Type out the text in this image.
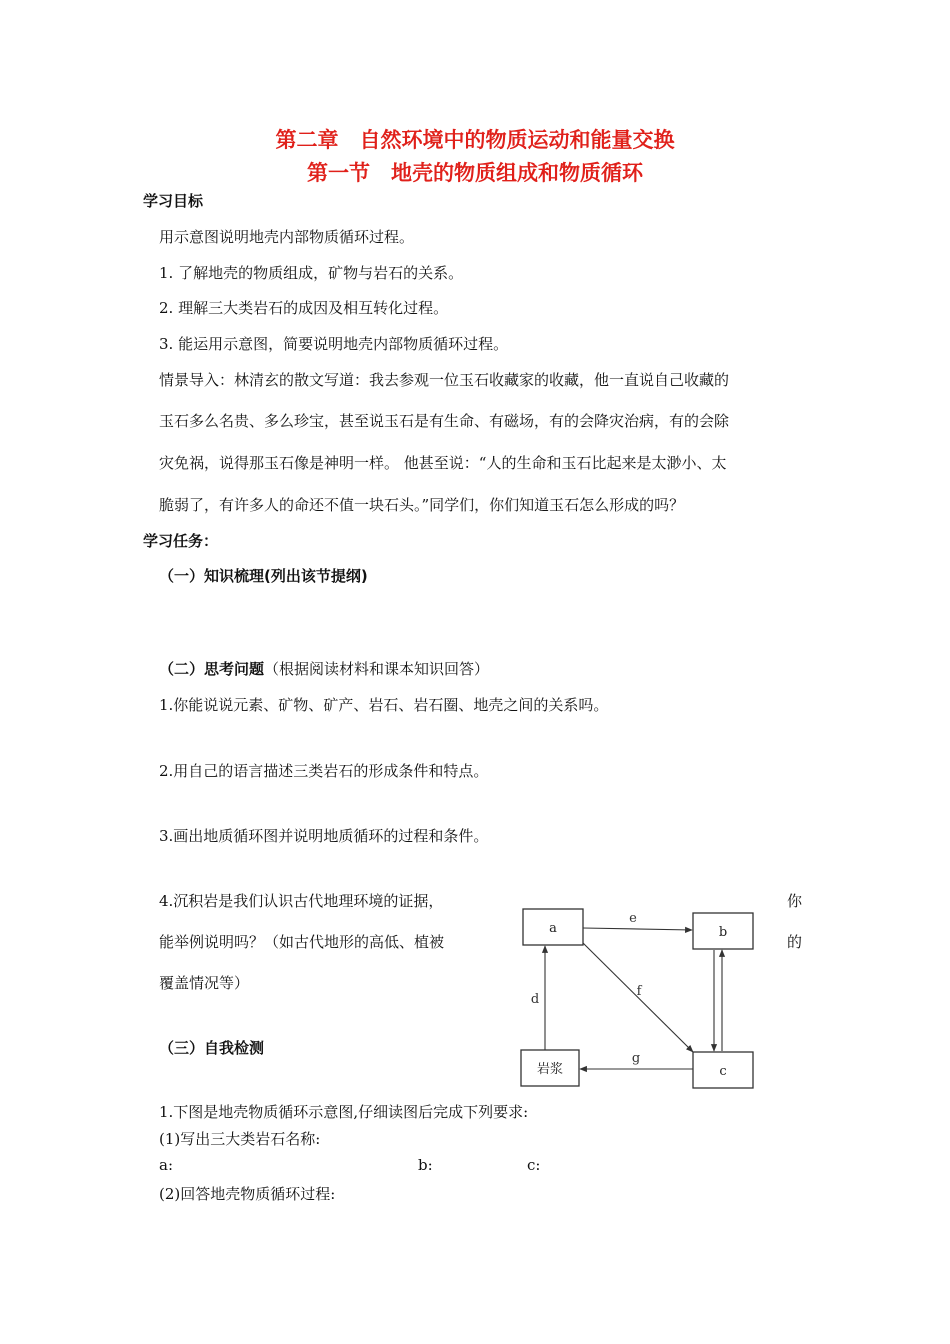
第二章　自然环境中的物质运动和能量交换
第一节　地壳的物质组成和物质循环
学习目标
用示意图说明地壳内部物质循环过程。
1. 了解地壳的物质组成，矿物与岩石的关系。
2. 理解三大类岩石的成因及相互转化过程。
3. 能运用示意图，简要说明地壳内部物质循环过程。
情景导入：林清玄的散文写道：我去参观一位玉石收藏家的收藏，他一直说自己收藏的
玉石多么名贵、多么珍宝，甚至说玉石是有生命、有磁场，有的会降灾治病，有的会除
灾免祸，说得那玉石像是神明一样。 他甚至说：“人的生命和玉石比起来是太渺小、太
脆弱了，有许多人的命还不值一块石头。”同学们，你们知道玉石怎么形成的吗？
学习任务：
（一）知识梳理(列出该节提纲)
（二）思考问题（根据阅读材料和课本知识回答）
1.你能说说元素、矿物、矿产、岩石、岩石圈、地壳之间的关系吗。
2.用自己的语言描述三类岩石的形成条件和特点。
3.画出地质循环图并说明地质循环的过程和条件。
4.沉积岩是我们认识古代地理环境的证据，	你
能举例说明吗？（如古代地形的高低、植被	的
覆盖情况等）
（三）自我检测
1.下图是地壳物质循环示意图,仔细读图后完成下列要求:
(1)写出三大类岩石名称:
a:	b:	c:
(2)回答地壳物质循环过程:
a	b
c
岩浆
e
f
g
d
